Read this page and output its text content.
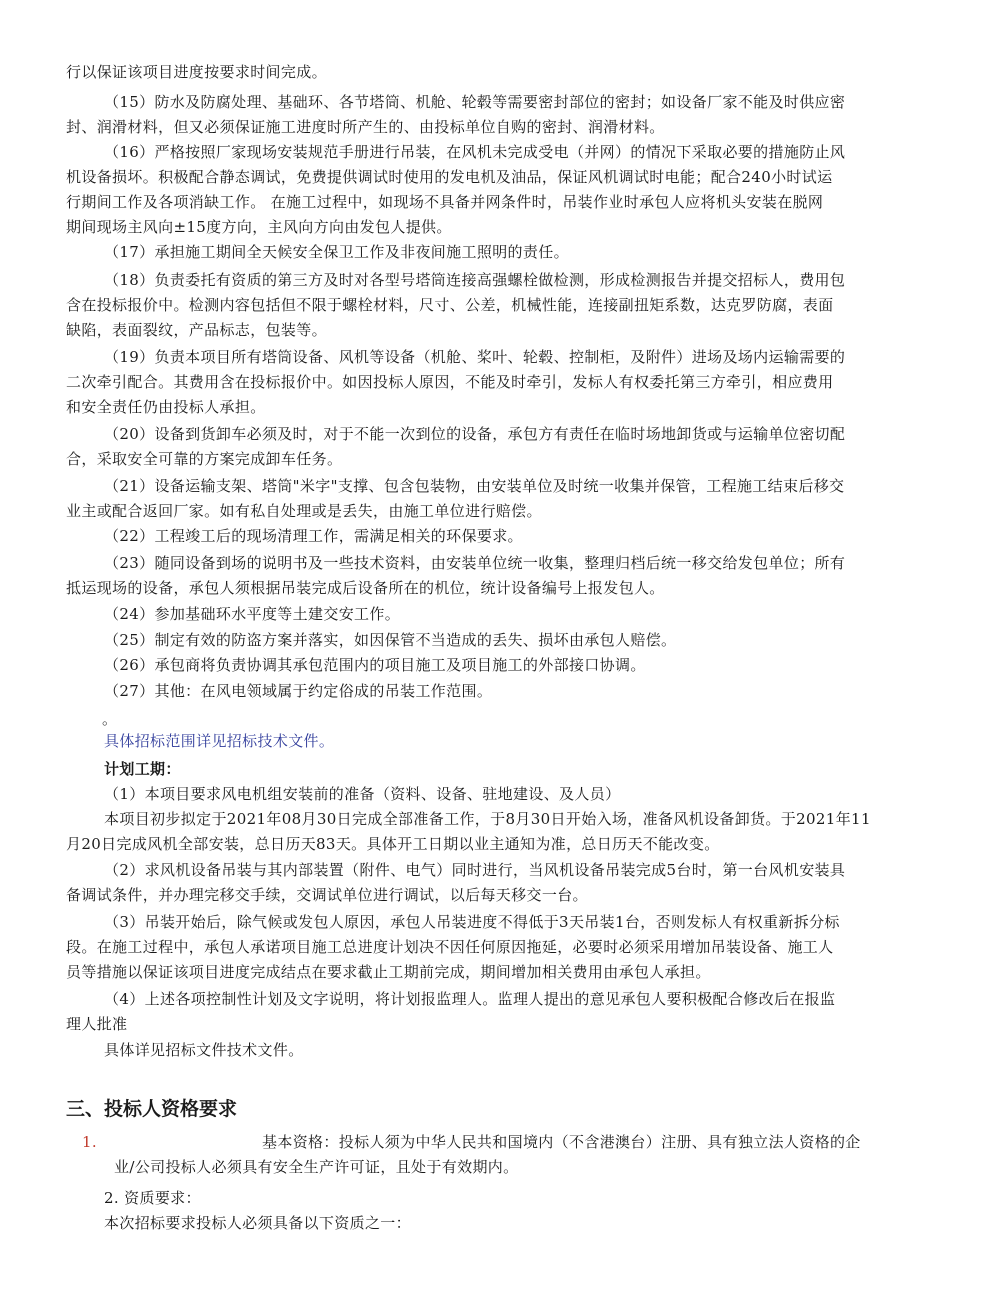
行以保证该项目进度按要求时间完成。
（15）防水及防腐处理、基础环、各节塔筒、机舱、轮毂等需要密封部位的密封；如设备厂家不能及时供应密
封、润滑材料，但又必须保证施工进度时所产生的、由投标单位自购的密封、润滑材料。
（16）严格按照厂家现场安装规范手册进行吊装，在风机未完成受电（并网）的情况下采取必要的措施防止风
机设备损坏。积极配合静态调试，免费提供调试时使用的发电机及油品，保证风机调试时电能；配合240小时试运
行期间工作及各项消缺工作。 在施工过程中，如现场不具备并网条件时，吊装作业时承包人应将机头安装在脱网
期间现场主风向±15度方向，主风向方向由发包人提供。
（17）承担施工期间全天候安全保卫工作及非夜间施工照明的责任。
（18）负责委托有资质的第三方及时对各型号塔筒连接高强螺栓做检测，形成检测报告并提交招标人，费用包
含在投标报价中。检测内容包括但不限于螺栓材料，尺寸、公差，机械性能，连接副扭矩系数，达克罗防腐，表面
缺陷，表面裂纹，产品标志，包装等。
（19）负责本项目所有塔筒设备、风机等设备（机舱、桨叶、轮毂、控制柜，及附件）进场及场内运输需要的
二次牵引配合。其费用含在投标报价中。如因投标人原因，不能及时牵引，发标人有权委托第三方牵引，相应费用
和安全责任仍由投标人承担。
（20）设备到货卸车必须及时，对于不能一次到位的设备，承包方有责任在临时场地卸货或与运输单位密切配
合，采取安全可靠的方案完成卸车任务。
（21）设备运输支架、塔筒"米字"支撑、包含包装物，由安装单位及时统一收集并保管，工程施工结束后移交
业主或配合返回厂家。如有私自处理或是丢失，由施工单位进行赔偿。
（22）工程竣工后的现场清理工作，需满足相关的环保要求。
（23）随同设备到场的说明书及一些技术资料，由安装单位统一收集，整理归档后统一移交给发包单位；所有
抵运现场的设备，承包人须根据吊装完成后设备所在的机位，统计设备编号上报发包人。
（24）参加基础环水平度等土建交安工作。
（25）制定有效的防盗方案并落实，如因保管不当造成的丢失、损坏由承包人赔偿。
（26）承包商将负责协调其承包范围内的项目施工及项目施工的外部接口协调。
（27）其他：在风电领域属于约定俗成的吊装工作范围。
。
具体招标范围详见招标技术文件。
计划工期：
（1）本项目要求风电机组安装前的准备（资料、设备、驻地建设、及人员）
本项目初步拟定于2021年08月30日完成全部准备工作，于8月30日开始入场，准备风机设备卸货。于2021年11
月20日完成风机全部安装，总日历天83天。具体开工日期以业主通知为准，总日历天不能改变。
（2）求风机设备吊装与其内部装置（附件、电气）同时进行，当风机设备吊装完成5台时，第一台风机安装具
备调试条件，并办理完移交手续，交调试单位进行调试，以后每天移交一台。
（3）吊装开始后，除气候或发包人原因，承包人吊装进度不得低于3天吊装1台，否则发标人有权重新拆分标
段。在施工过程中，承包人承诺项目施工总进度计划决不因任何原因拖延，必要时必须采用增加吊装设备、施工人
员等措施以保证该项目进度完成结点在要求截止工期前完成，期间增加相关费用由承包人承担。
（4）上述各项控制性计划及文字说明，将计划报监理人。监理人提出的意见承包人要积极配合修改后在报监
理人批准
具体详见招标文件技术文件。
三、投标人资格要求
1.	基本资格：投标人须为中华人民共和国境内（不含港澳台）注册、具有独立法人资格的企
业/公司投标人必须具有安全生产许可证，且处于有效期内。
2. 资质要求：
本次招标要求投标人必须具备以下资质之一：
